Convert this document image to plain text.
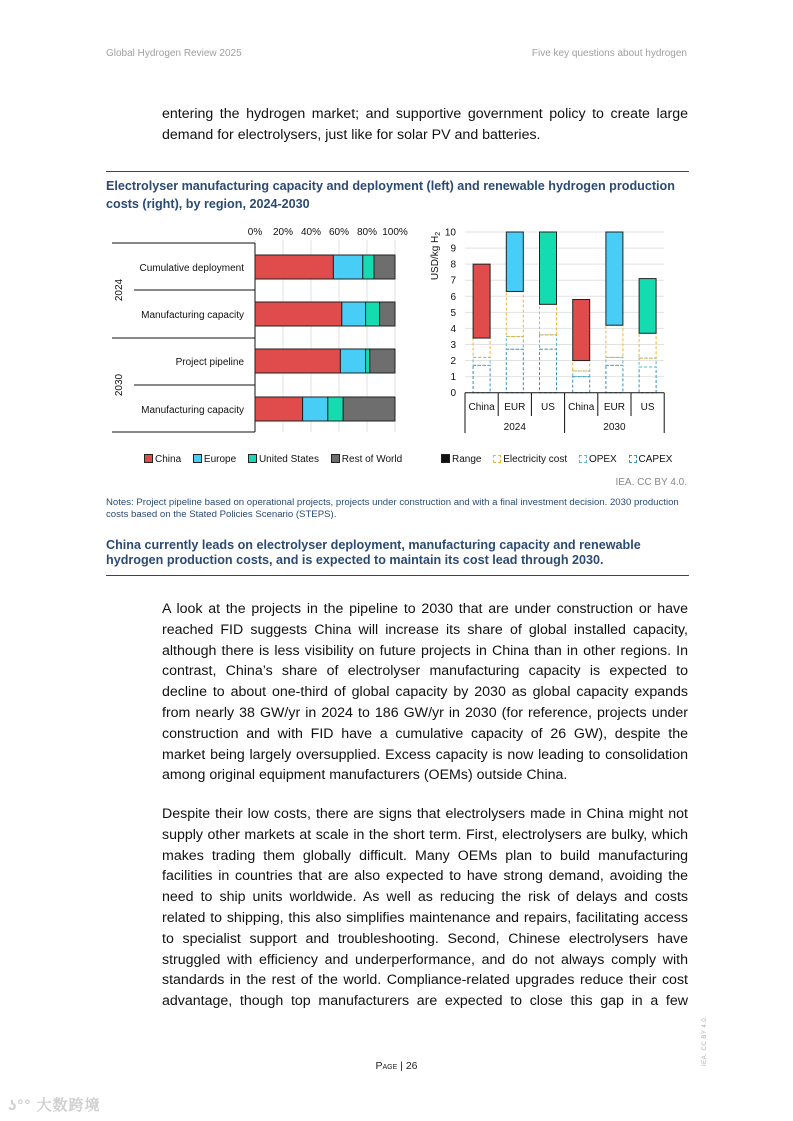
Global Hydrogen Review 2025	Five key questions about hydrogen
entering the hydrogen market; and supportive government policy to create large demand for electrolysers, just like for solar PV and batteries.
Electrolyser manufacturing capacity and deployment (left) and renewable hydrogen production costs (right), by region, 2024-2030
0% 20% 40% 60% 80% 100%
2024
2030
Cumulative deployment
Manufacturing capacity
Project pipeline
Manufacturing capacity
0
1
2
3
4
5
6
7
8
9
10
USD/kg $H_2$
China EUR US China EUR US
2024	2030
China Europe United States Rest of World	Range Electricity cost OPEX CAPEX
IEA. CC BY 4.0.
Notes: Project pipeline based on operational projects, projects under construction and with a final investment decision. 2030 production costs based on the Stated Policies Scenario (STEPS).
China currently leads on electrolyser deployment, manufacturing capacity and renewable hydrogen production costs, and is expected to maintain its cost lead through 2030.
A look at the projects in the pipeline to 2030 that are under construction or have reached FID suggests China will increase its share of global installed capacity, although there is less visibility on future projects in China than in other regions. In contrast, China’s share of electrolyser manufacturing capacity is expected to decline to about one-third of global capacity by 2030 as global capacity expands from nearly 38 GW/yr in 2024 to 186 GW/yr in 2030 (for reference, projects under construction and with FID have a cumulative capacity of 26 GW), despite the market being largely oversupplied. Excess capacity is now leading to consolidation among original equipment manufacturers (OEMs) outside China.
Despite their low costs, there are signs that electrolysers made in China might not supply other markets at scale in the short term. First, electrolysers are bulky, which makes trading them globally difficult. Many OEMs plan to build manufacturing facilities in countries that are also expected to have strong demand, avoiding the need to ship units worldwide. As well as reducing the risk of delays and costs related to shipping, this also simplifies maintenance and repairs, facilitating access to specialist support and troubleshooting. Second, Chinese electrolysers have struggled with efficiency and underperformance, and do not always comply with standards in the rest of the world. Compliance-related upgrades reduce their cost advantage, though top manufacturers are expected to close this gap in a few
Page | 26	IEA. CC BY 4.0.
ʖ°° 大数跨境
